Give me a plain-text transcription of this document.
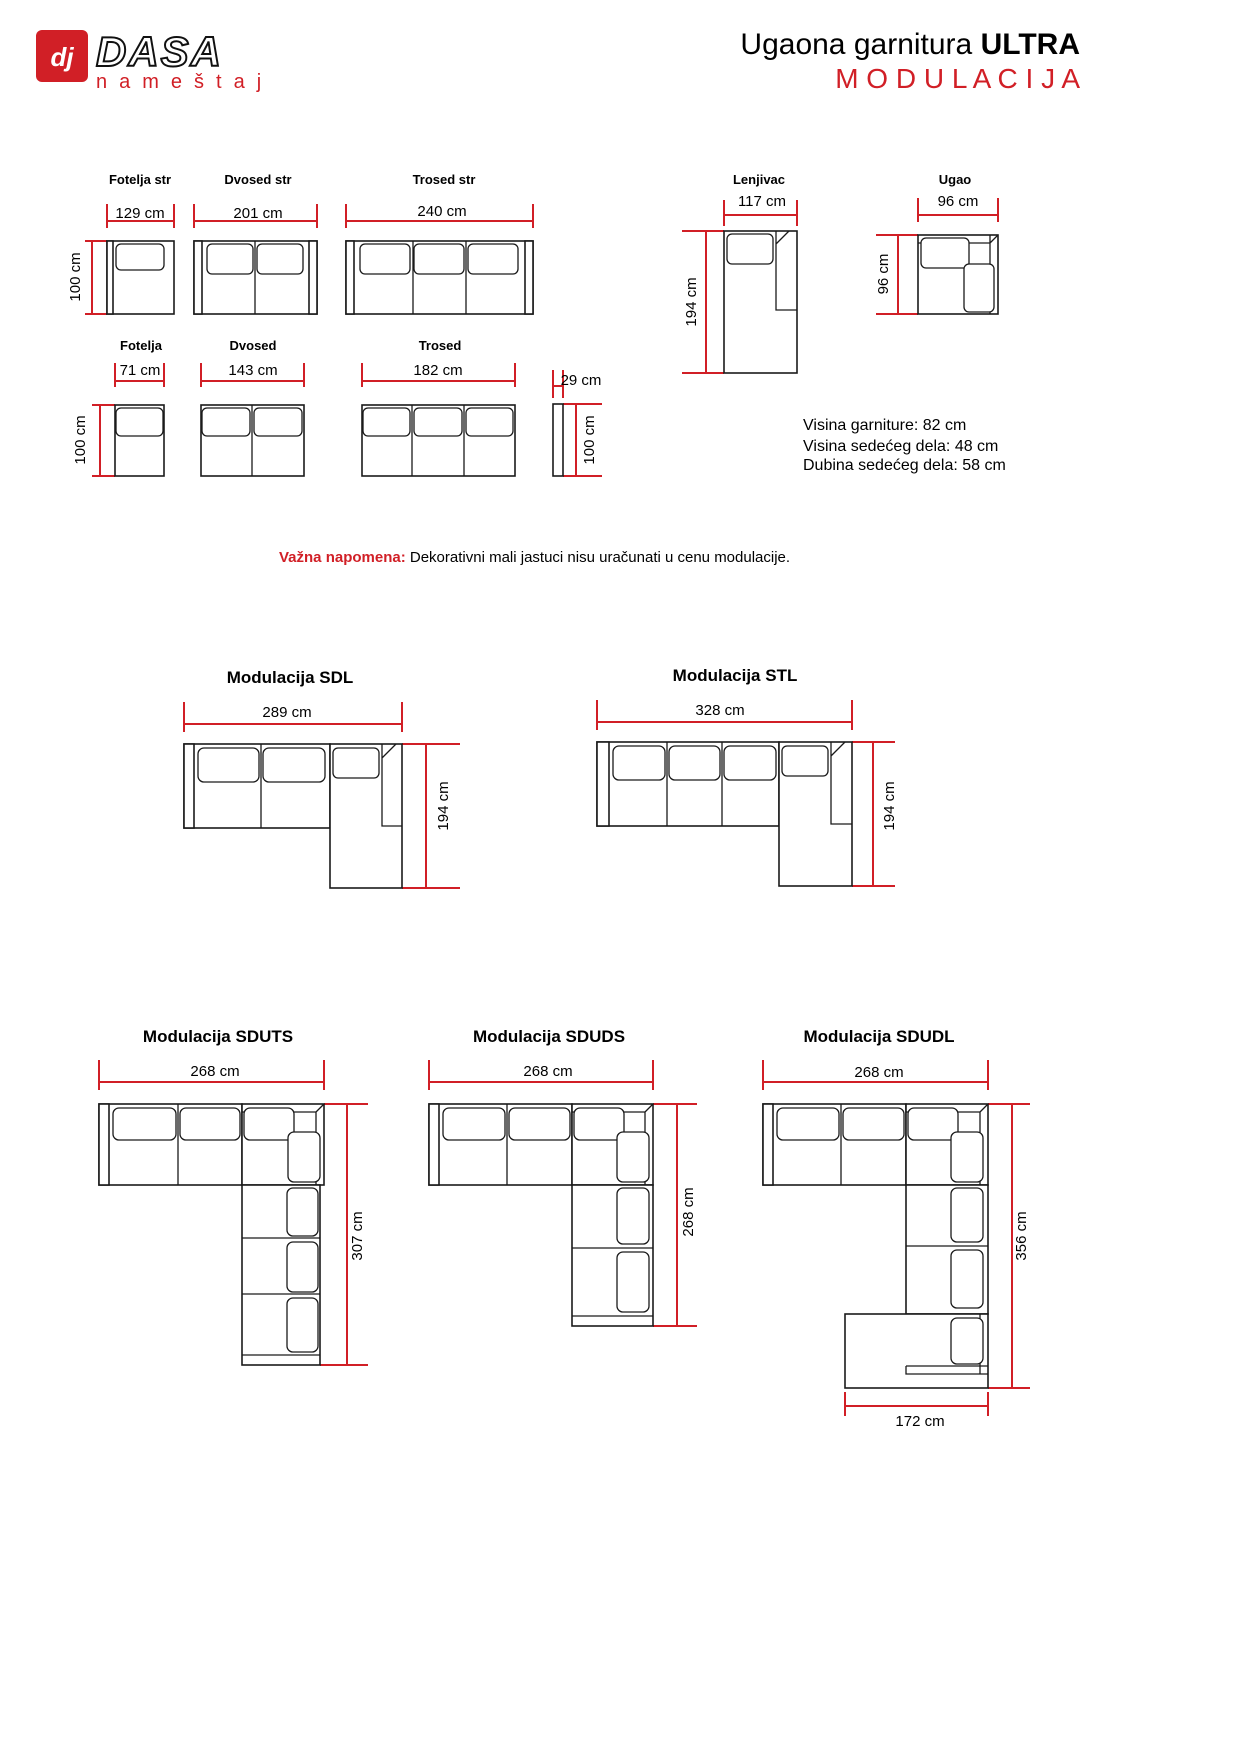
dj DASA
nameštaj
Ugaona garnitura ULTRA
M O D U L A C I J A
Fotelja str
129 cm
100 cm
Dvosed str
201 cm
Trosed str
240 cm
Lenjivac
117 cm
194 cm
Ugao
96 cm
96 cm
Fotelja
71 cm
100 cm
Dvosed
143 cm
Trosed
182 cm
29 cm
100 cm	Visina garniture: 82 cm
Visina sedećeg dela: 48 cm
Dubina sedećeg dela: 58 cm
Važna napomena: Dekorativni mali jastuci nisu uračunati u cenu modulacije.
Modulacija SDL
289 cm
194 cm
Modulacija STL
328 cm
194 cm
Modulacija SDUTS
268 cm
307 cm
Modulacija SDUDS
268 cm
268 cm
Modulacija SDUDL
268 cm
356 cm
172 cm
